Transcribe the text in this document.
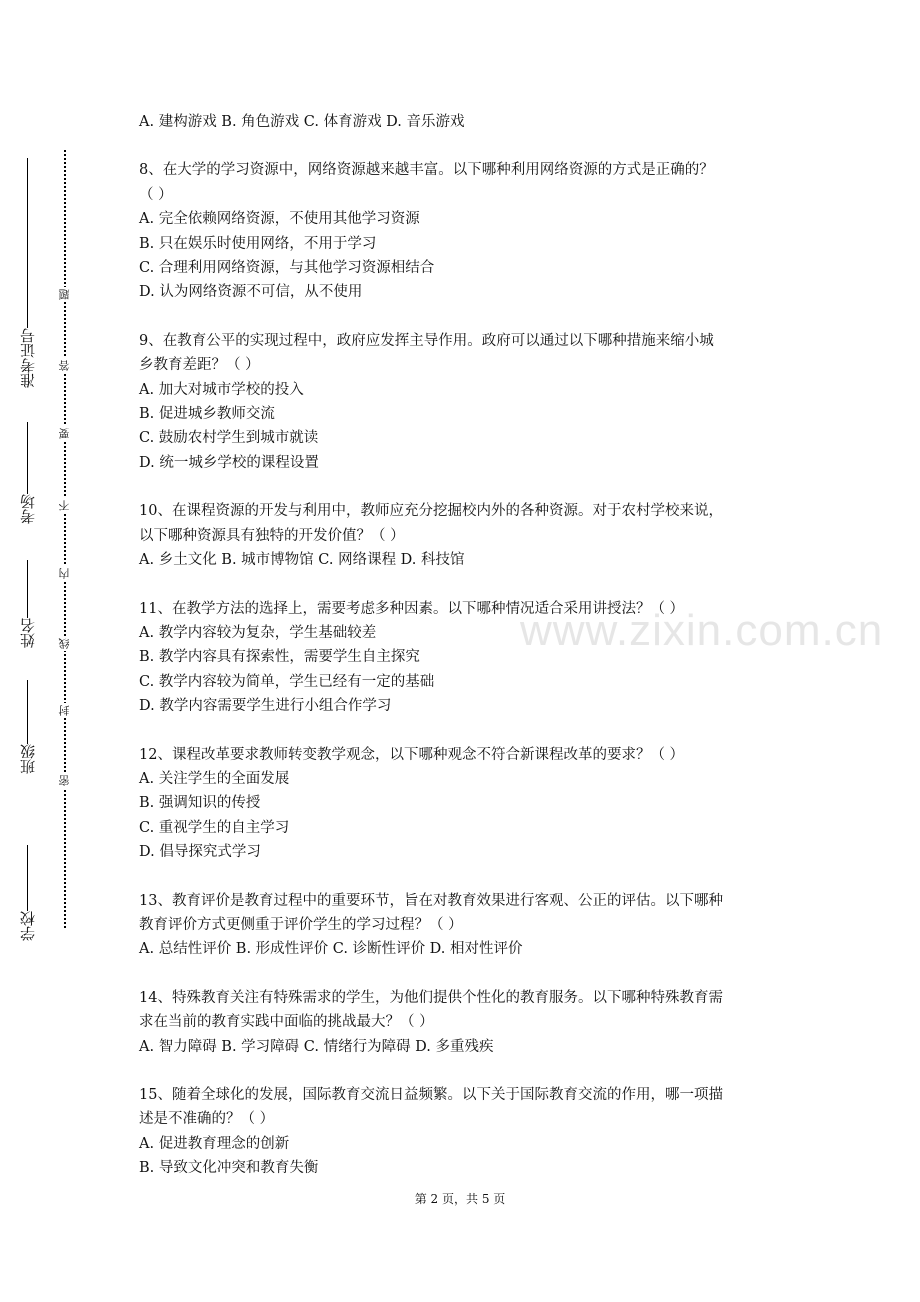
www.zixin.com.cn
准考证号
考场
姓名
班级
学校
题
答
要
不
内
线
封
密
A. 建构游戏 B. 角色游戏 C. 体育游戏 D. 音乐游戏
8、在大学的学习资源中，网络资源越来越丰富。以下哪种利用网络资源的方式是正确的？
（ ）
A. 完全依赖网络资源，不使用其他学习资源
B. 只在娱乐时使用网络，不用于学习
C. 合理利用网络资源，与其他学习资源相结合
D. 认为网络资源不可信，从不使用
9、在教育公平的实现过程中，政府应发挥主导作用。政府可以通过以下哪种措施来缩小城
乡教育差距？（ ）
A. 加大对城市学校的投入
B. 促进城乡教师交流
C. 鼓励农村学生到城市就读
D. 统一城乡学校的课程设置
10、在课程资源的开发与利用中，教师应充分挖掘校内外的各种资源。对于农村学校来说，
以下哪种资源具有独特的开发价值？（ ）
A. 乡土文化 B. 城市博物馆 C. 网络课程 D. 科技馆
11、在教学方法的选择上，需要考虑多种因素。以下哪种情况适合采用讲授法？（ ）
A. 教学内容较为复杂，学生基础较差
B. 教学内容具有探索性，需要学生自主探究
C. 教学内容较为简单，学生已经有一定的基础
D. 教学内容需要学生进行小组合作学习
12、课程改革要求教师转变教学观念，以下哪种观念不符合新课程改革的要求？（ ）
A. 关注学生的全面发展
B. 强调知识的传授
C. 重视学生的自主学习
D. 倡导探究式学习
13、教育评价是教育过程中的重要环节，旨在对教育效果进行客观、公正的评估。以下哪种
教育评价方式更侧重于评价学生的学习过程？（ ）
A. 总结性评价 B. 形成性评价 C. 诊断性评价 D. 相对性评价
14、特殊教育关注有特殊需求的学生，为他们提供个性化的教育服务。以下哪种特殊教育需
求在当前的教育实践中面临的挑战最大？（ ）
A. 智力障碍 B. 学习障碍 C. 情绪行为障碍 D. 多重残疾
15、随着全球化的发展，国际教育交流日益频繁。以下关于国际教育交流的作用，哪一项描
述是不准确的？（ ）
A. 促进教育理念的创新
B. 导致文化冲突和教育失衡
第 2 页，共 5 页
